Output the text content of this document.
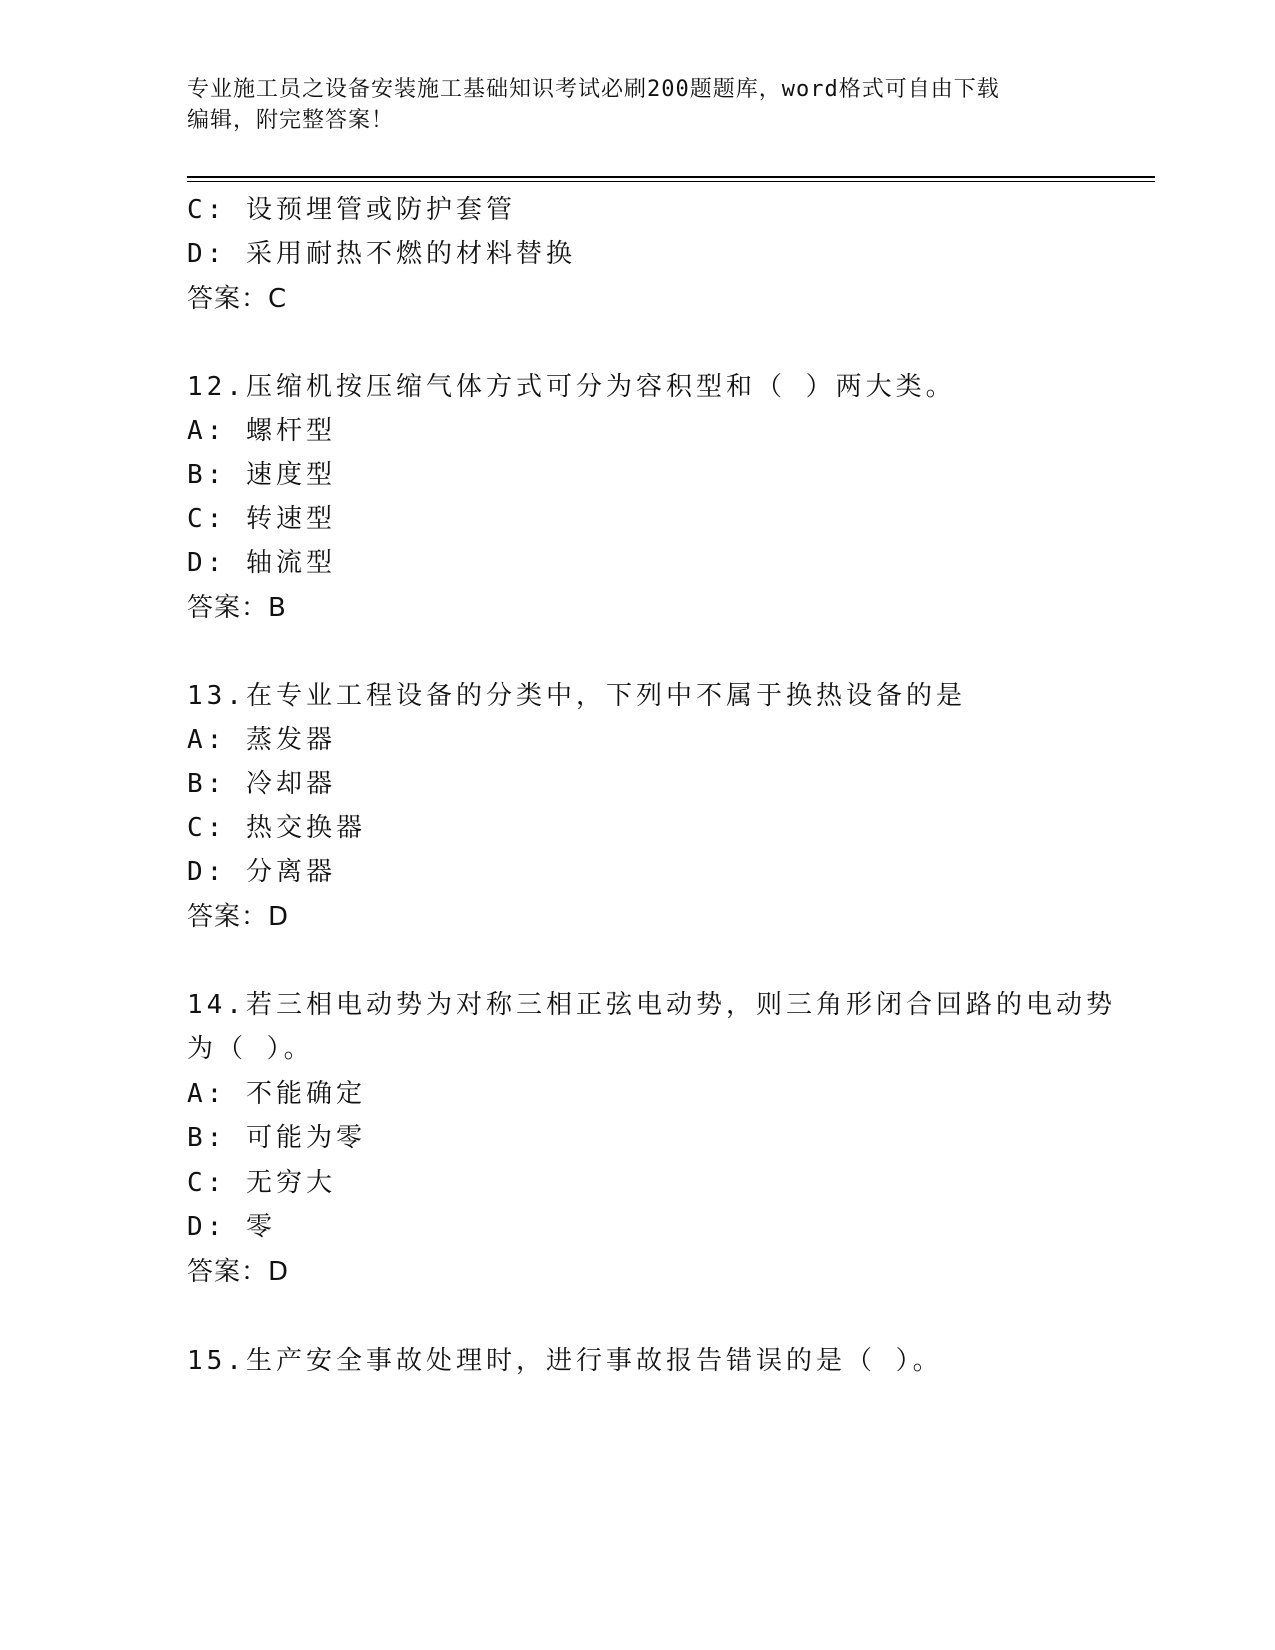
专业施工员之设备安装施工基础知识考试必刷200题题库，word格式可自由下载
编辑，附完整答案！
C: 设预埋管或防护套管
D: 采用耐热不燃的材料替换
答案：C
12.压缩机按压缩气体方式可分为容积型和（ ）两大类。
A: 螺杆型
B: 速度型
C: 转速型
D: 轴流型
答案：B
13.在专业工程设备的分类中，下列中不属于换热设备的是
A: 蒸发器
B: 冷却器
C: 热交换器
D: 分离器
答案：D
14.若三相电动势为对称三相正弦电动势，则三角形闭合回路的电动势
为（ ）。
A: 不能确定
B: 可能为零
C: 无穷大
D: 零
答案：D
15.生产安全事故处理时，进行事故报告错误的是（ ）。
